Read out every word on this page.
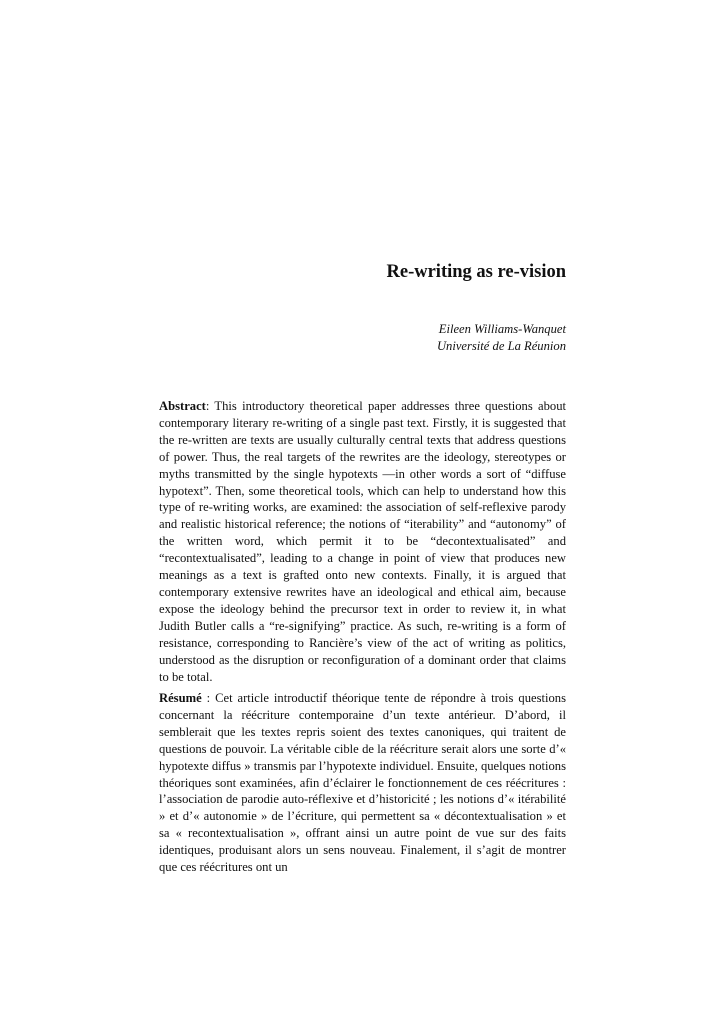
Re-writing as re-vision
Eileen Williams-Wanquet
Université de La Réunion

Abstract: This introductory theoretical paper addresses three questions about contemporary literary re-writing of a single past text. Firstly, it is suggested that the re-written are texts are usually culturally central texts that address questions of power. Thus, the real targets of the rewrites are the ideology, stereotypes or myths transmitted by the single hypotexts —in other words a sort of “diffuse hypotext”. Then, some theoretical tools, which can help to understand how this type of re-writing works, are examined: the association of self-reflexive parody and realistic historical reference; the notions of “iterability” and “autonomy” of the written word, which permit it to be “decontextualisated” and “recontextualisated”, leading to a change in point of view that produces new meanings as a text is grafted onto new contexts. Finally, it is argued that contemporary extensive rewrites have an ideological and ethical aim, because expose the ideology behind the precursor text in order to review it, in what Judith Butler calls a “re-signifying” practice. As such, re-writing is a form of resistance, corresponding to Rancière’s view of the act of writing as politics, understood as the disruption or reconfiguration of a dominant order that claims to be total.

Résumé : Cet article introductif théorique tente de répondre à trois questions concernant la réécriture contemporaine d’un texte antérieur. D’abord, il semblerait que les textes repris soient des textes canoniques, qui traitent de questions de pouvoir. La véritable cible de la réécriture serait alors une sorte d’« hypotexte diffus » transmis par l’hypotexte individuel. Ensuite, quelques notions théoriques sont examinées, afin d’éclairer le fonctionnement de ces réécritures : l’association de parodie auto-réflexive et d’historicité ; les notions d’« itérabilité » et d’« autonomie » de l’écriture, qui permettent sa « décontextualisation » et sa « recontextualisation », offrant ainsi un autre point de vue sur des faits identiques, produisant alors un sens nouveau. Finalement, il s’agit de montrer que ces réécritures ont un
